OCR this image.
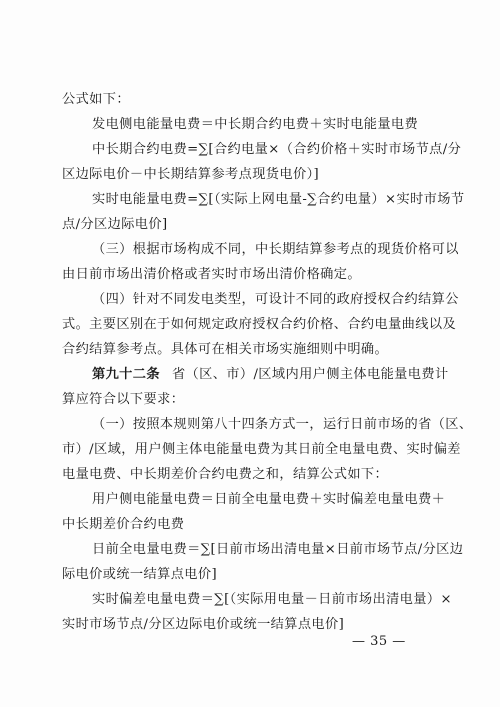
公式如下：
发电侧电能量电费＝中长期合约电费＋实时电能量电费
中长期合约电费=∑[合约电量×（合约价格＋实时市场节点/分
区边际电价－中长期结算参考点现货电价）]
实时电能量电费=∑[（实际上网电量-∑合约电量）×实时市场节
点/分区边际电价]
（三）根据市场构成不同，中长期结算参考点的现货价格可以
由日前市场出清价格或者实时市场出清价格确定。
（四）针对不同发电类型，可设计不同的政府授权合约结算公
式。主要区别在于如何规定政府授权合约价格、合约电量曲线以及
合约结算参考点。具体可在相关市场实施细则中明确。
第九十二条 省（区、市）/区域内用户侧主体电能量电费计
算应符合以下要求：
（一）按照本规则第八十四条方式一，运行日前市场的省（区、
市）/区域，用户侧主体电能量电费为其日前全电量电费、实时偏差
电量电费、中长期差价合约电费之和，结算公式如下：
用户侧电能量电费＝日前全电量电费＋实时偏差电量电费＋
中长期差价合约电费
日前全电量电费＝∑[日前市场出清电量×日前市场节点/分区边
际电价或统一结算点电价]
实时偏差电量电费＝∑[（实际用电量－日前市场出清电量）×
实时市场节点/分区边际电价或统一结算点电价]
— 35 —
